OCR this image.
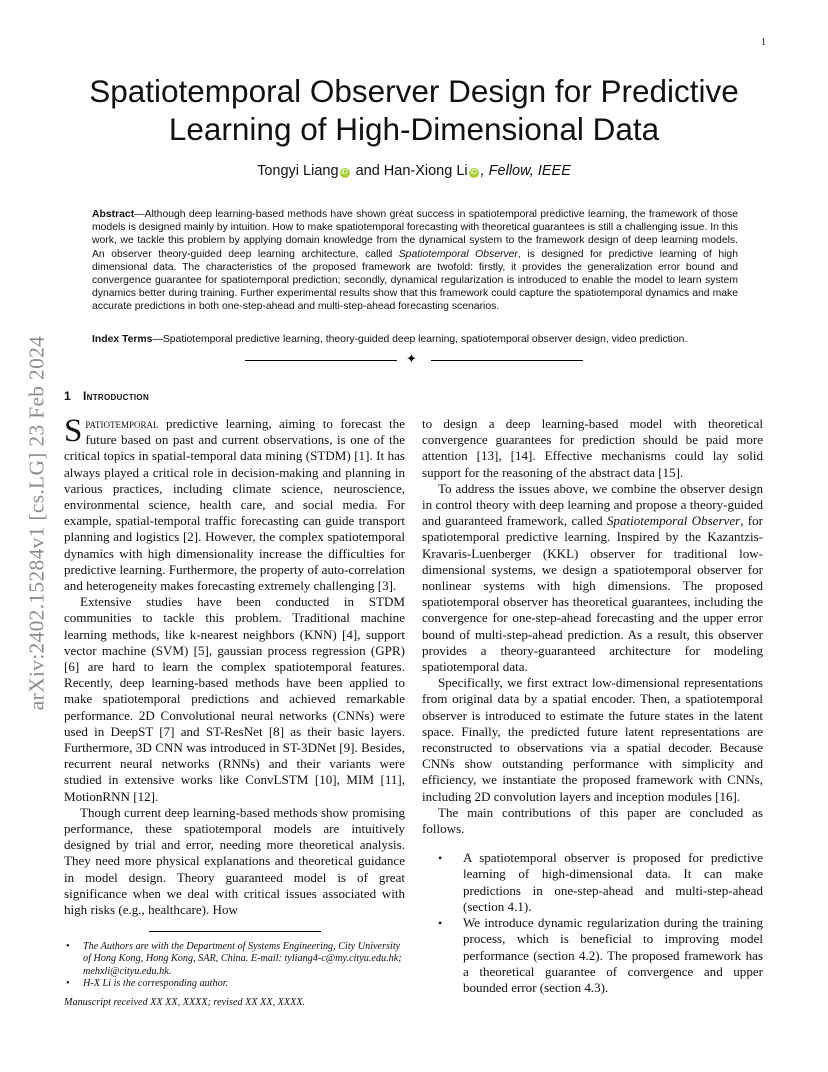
1
arXiv:2402.15284v1 [cs.LG] 23 Feb 2024
Spatiotemporal Observer Design for Predictive
Learning of High-Dimensional Data
Tongyi Liang iD and Han-Xiong Li iD , Fellow, IEEE

Abstract—Although deep learning-based methods have shown great success in spatiotemporal predictive learning, the framework of those models is designed mainly by intuition. How to make spatiotemporal forecasting with theoretical guarantees is still a challenging issue. In this work, we tackle this problem by applying domain knowledge from the dynamical system to the framework design of deep learning models. An observer theory-guided deep learning architecture, called Spatiotemporal Observer, is designed for predictive learning of high dimensional data. The characteristics of the proposed framework are twofold: firstly, it provides the generalization error bound and convergence guarantee for spatiotemporal prediction; secondly, dynamical regularization is introduced to enable the model to learn system dynamics better during training. Further experimental results show that this framework could capture the spatiotemporal dynamics and make accurate predictions in both one-step-ahead and multi-step-ahead forecasting scenarios.

Index Terms—Spatiotemporal predictive learning, theory-guided deep learning, spatiotemporal observer design, video prediction.

✦
1 Introduction

Spatiotemporal predictive learning, aiming to forecast the future based on past and current observations, is one of the critical topics in spatial-temporal data mining (STDM) [1]. It has always played a critical role in decision-making and planning in various practices, including climate science, neuroscience, environmental science, health care, and social media. For example, spatial-temporal traffic forecasting can guide transport planning and logistics [2]. However, the complex spatiotemporal dynamics with high dimensionality increase the difficulties for predictive learning. Furthermore, the property of auto-correlation and heterogeneity makes forecasting extremely challenging [3].

Extensive studies have been conducted in STDM communities to tackle this problem. Traditional machine learning methods, like k-nearest neighbors (KNN) [4], support vector machine (SVM) [5], gaussian process regression (GPR) [6] are hard to learn the complex spatiotemporal features. Recently, deep learning-based methods have been applied to make spatiotemporal predictions and achieved remarkable performance. 2D Convolutional neural networks (CNNs) were used in DeepST [7] and ST-ResNet [8] as their basic layers. Furthermore, 3D CNN was introduced in ST-3DNet [9]. Besides, recurrent neural networks (RNNs) and their variants were studied in extensive works like ConvLSTM [10], MIM [11], MotionRNN [12].

Though current deep learning-based methods show promising performance, these spatiotemporal models are intuitively designed by trial and error, needing more theoretical analysis. They need more physical explanations and theoretical guidance in model design. Theory guaranteed model is of great significance when we deal with critical issues associated with high risks (e.g., healthcare). How

to design a deep learning-based model with theoretical convergence guarantees for prediction should be paid more attention [13], [14]. Effective mechanisms could lay solid support for the reasoning of the abstract data [15].

To address the issues above, we combine the observer design in control theory with deep learning and propose a theory-guided and guaranteed framework, called Spatiotemporal Observer, for spatiotemporal predictive learning. Inspired by the Kazantzis-Kravaris-Luenberger (KKL) observer for traditional low-dimensional systems, we design a spatiotemporal observer for nonlinear systems with high dimensions. The proposed spatiotemporal observer has theoretical guarantees, including the convergence for one-step-ahead forecasting and the upper error bound of multi-step-ahead prediction. As a result, this observer provides a theory-guaranteed architecture for modeling spatiotemporal data.

Specifically, we first extract low-dimensional representations from original data by a spatial encoder. Then, a spatiotemporal observer is introduced to estimate the future states in the latent space. Finally, the predicted future latent representations are reconstructed to observations via a spatial decoder. Because CNNs show outstanding performance with simplicity and efficiency, we instantiate the proposed framework with CNNs, including 2D convolution layers and inception modules [16].

The main contributions of this paper are concluded as follows.

• A spatiotemporal observer is proposed for predictive learning of high-dimensional data. It can make predictions in one-step-ahead and multi-step-ahead (section 4.1).
• We introduce dynamic regularization during the training process, which is beneficial to improving model performance (section 4.2). The proposed framework has a theoretical guarantee of convergence and upper bounded error (section 4.3).
• The Authors are with the Department of Systems Engineering, City University of Hong Kong, Hong Kong, SAR, China. E-mail: tyliang4-c@my.cityu.edu.hk; mehxli@cityu.edu.hk.
• H-X Li is the corresponding author.
Manuscript received XX XX, XXXX; revised XX XX, XXXX.
